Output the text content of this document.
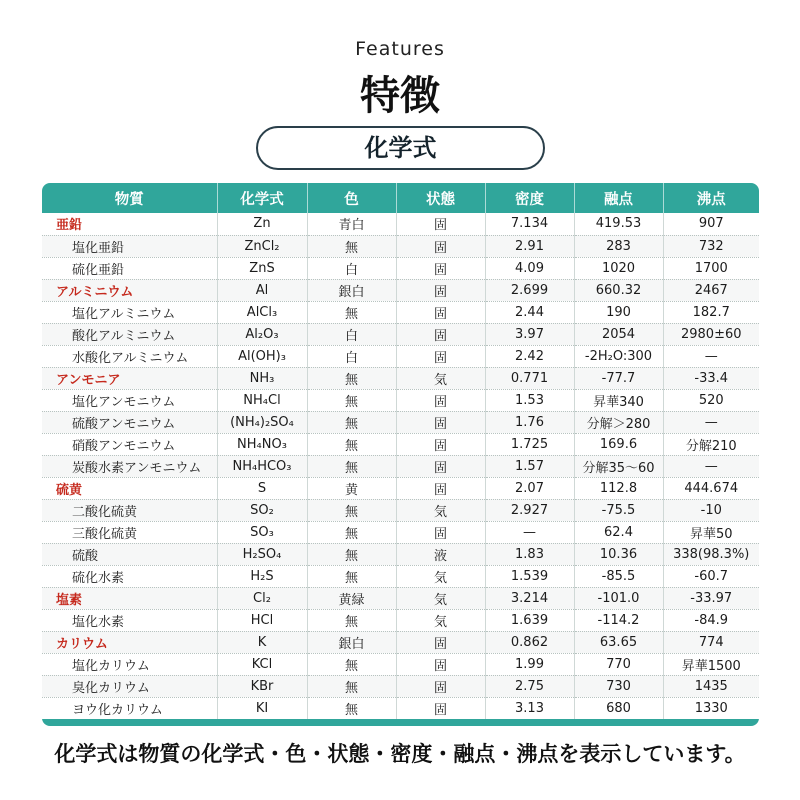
Features
特徴
化学式
物質	化学式	色	状態	密度	融点	沸点
亜鉛	Zn	青白	固	7.134	419.53	907
塩化亜鉛	ZnCl₂	無	固	2.91	283	732
硫化亜鉛	ZnS	白	固	4.09	1020	1700
アルミニウム	Al	銀白	固	2.699	660.32	2467
塩化アルミニウム	AlCl₃	無	固	2.44	190	182.7
酸化アルミニウム	Al₂O₃	白	固	3.97	2054	2980±60
水酸化アルミニウム	Al(OH)₃	白	固	2.42	-2H₂O:300	—
アンモニア	NH₃	無	気	0.771	-77.7	-33.4
塩化アンモニウム	NH₄Cl	無	固	1.53	昇華340	520
硫酸アンモニウム	(NH₄)₂SO₄	無	固	1.76	分解＞280	—
硝酸アンモニウム	NH₄NO₃	無	固	1.725	169.6	分解210
炭酸水素アンモニウム	NH₄HCO₃	無	固	1.57	分解35～60	—
硫黄	S	黄	固	2.07	112.8	444.674
二酸化硫黄	SO₂	無	気	2.927	-75.5	-10
三酸化硫黄	SO₃	無	固	—	62.4	昇華50
硫酸	H₂SO₄	無	液	1.83	10.36	338(98.3%)
硫化水素	H₂S	無	気	1.539	-85.5	-60.7
塩素	Cl₂	黄緑	気	3.214	-101.0	-33.97
塩化水素	HCl	無	気	1.639	-114.2	-84.9
カリウム	K	銀白	固	0.862	63.65	774
塩化カリウム	KCl	無	固	1.99	770	昇華1500
臭化カリウム	KBr	無	固	2.75	730	1435
ヨウ化カリウム	KI	無	固	3.13	680	1330
化学式は物質の化学式・色・状態・密度・融点・沸点を表示しています。
